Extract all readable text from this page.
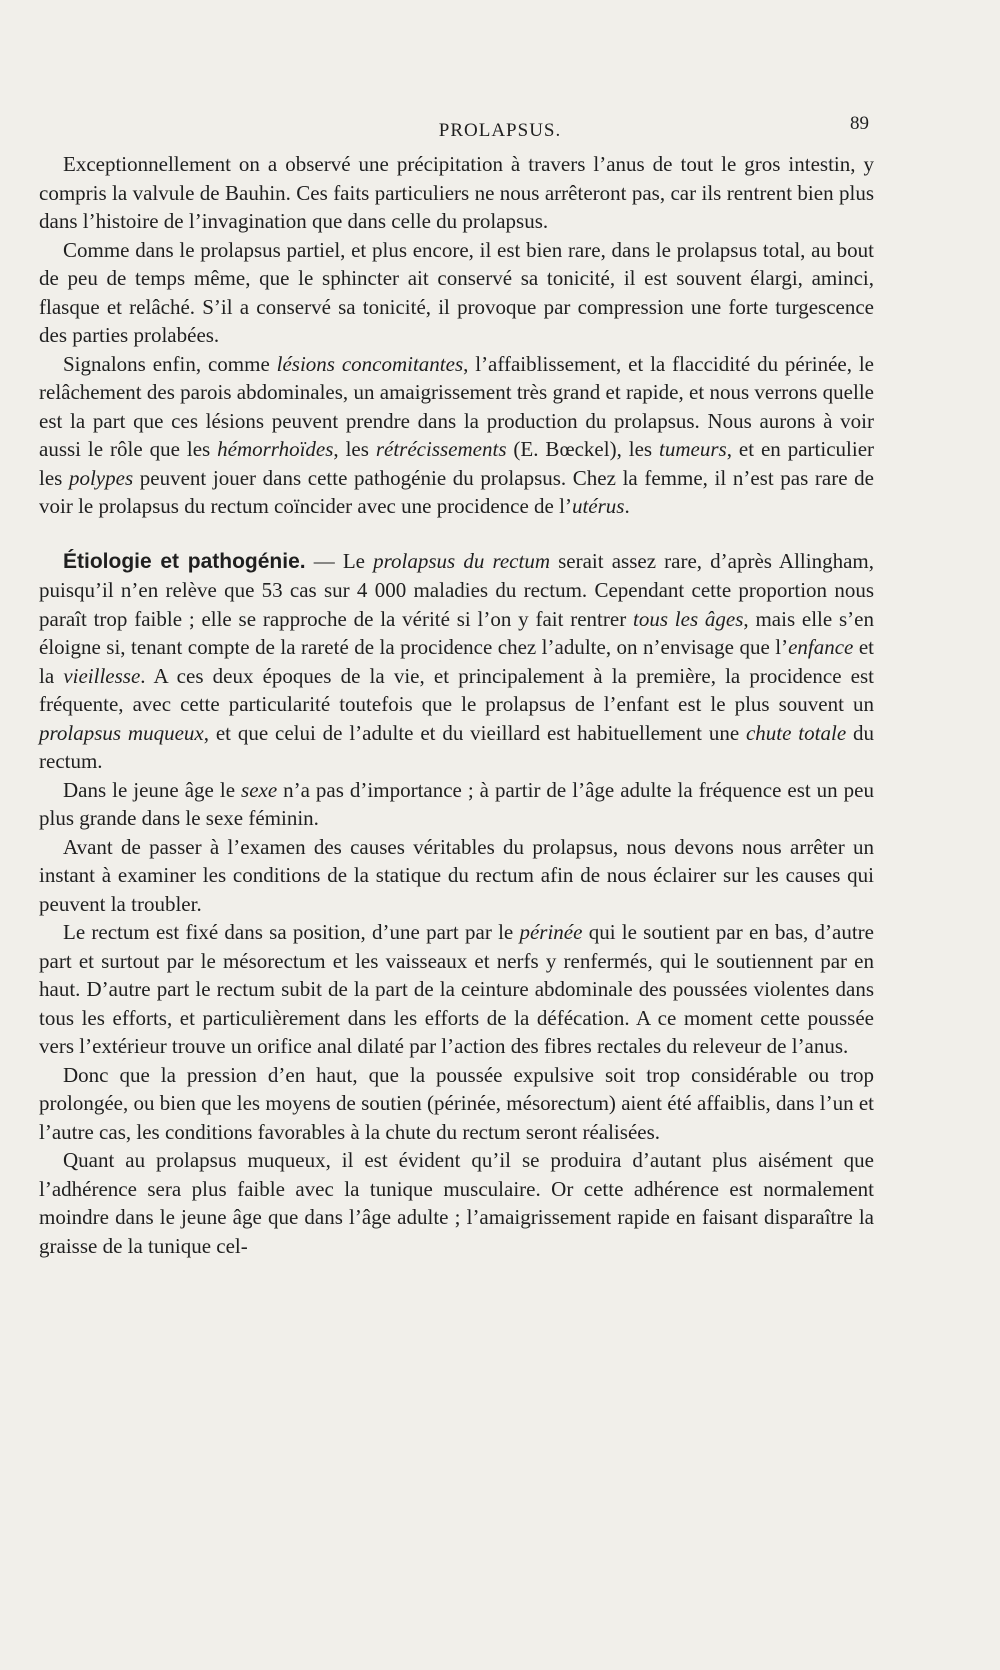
PROLAPSUS.	89

Exceptionnellement on a observé une précipitation à travers l’anus de tout le gros intestin, y compris la valvule de Bauhin. Ces faits particuliers ne nous arrêteront pas, car ils rentrent bien plus dans l’histoire de l’invagination que dans celle du prolapsus.

Comme dans le prolapsus partiel, et plus encore, il est bien rare, dans le prolapsus total, au bout de peu de temps même, que le sphincter ait conservé sa tonicité, il est souvent élargi, aminci, flasque et relâché. S’il a conservé sa tonicité, il provoque par compression une forte turgescence des parties prolabées.

Signalons enfin, comme lésions concomitantes, l’affaiblissement, et la flaccidité du périnée, le relâchement des parois abdominales, un amaigrissement très grand et rapide, et nous verrons quelle est la part que ces lésions peuvent prendre dans la production du prolapsus. Nous aurons à voir aussi le rôle que les hémorrhoïdes, les rétrécissements (E. Bœckel), les tumeurs, et en particulier les polypes peuvent jouer dans cette pathogénie du prolapsus. Chez la femme, il n’est pas rare de voir le prolapsus du rectum coïncider avec une procidence de l’utérus.

Étiologie et pathogénie. — Le prolapsus du rectum serait assez rare, d’après Allingham, puisqu’il n’en relève que 53 cas sur 4 000 maladies du rectum. Cependant cette proportion nous paraît trop faible ; elle se rapproche de la vérité si l’on y fait rentrer tous les âges, mais elle s’en éloigne si, tenant compte de la rareté de la procidence chez l’adulte, on n’envisage que l’enfance et la vieillesse. A ces deux époques de la vie, et principalement à la première, la procidence est fréquente, avec cette particularité toutefois que le prolapsus de l’enfant est le plus souvent un prolapsus muqueux, et que celui de l’adulte et du vieillard est habituellement une chute totale du rectum.

Dans le jeune âge le sexe n’a pas d’importance ; à partir de l’âge adulte la fréquence est un peu plus grande dans le sexe féminin.

Avant de passer à l’examen des causes véritables du prolapsus, nous devons nous arrêter un instant à examiner les conditions de la statique du rectum afin de nous éclairer sur les causes qui peuvent la troubler.

Le rectum est fixé dans sa position, d’une part par le périnée qui le soutient par en bas, d’autre part et surtout par le mésorectum et les vaisseaux et nerfs y renfermés, qui le soutiennent par en haut. D’autre part le rectum subit de la part de la ceinture abdominale des poussées violentes dans tous les efforts, et particulièrement dans les efforts de la défécation. A ce moment cette poussée vers l’extérieur trouve un orifice anal dilaté par l’action des fibres rectales du releveur de l’anus.

Donc que la pression d’en haut, que la poussée expulsive soit trop considérable ou trop prolongée, ou bien que les moyens de soutien (périnée, mésorectum) aient été affaiblis, dans l’un et l’autre cas, les conditions favorables à la chute du rectum seront réalisées.

Quant au prolapsus muqueux, il est évident qu’il se produira d’autant plus aisément que l’adhérence sera plus faible avec la tunique musculaire. Or cette adhérence est normalement moindre dans le jeune âge que dans l’âge adulte ; l’amaigrissement rapide en faisant disparaître la graisse de la tunique cel-
